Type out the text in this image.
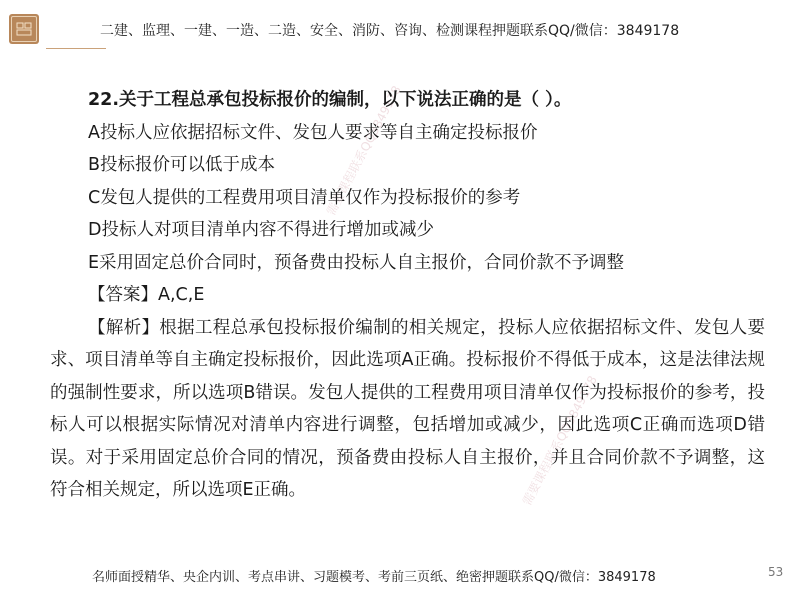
二建、监理、一建、一造、二造、安全、消防、咨询、检测课程押题联系QQ/微信：3849178
需要课程联系QQ3849178
需要课程联系QQ3849178
22.关于工程总承包投标报价的编制，以下说法正确的是（ ）。
A投标人应依据招标文件、发包人要求等自主确定投标报价
B投标报价可以低于成本
C发包人提供的工程费用项目清单仅作为投标报价的参考
D投标人对项目清单内容不得进行增加或减少
E采用固定总价合同时，预备费由投标人自主报价，合同价款不予调整
【答案】A,C,E

【解析】根据工程总承包投标报价编制的相关规定，投标人应依据招标文件、发包人要求、项目清单等自主确定投标报价，因此选项A正确。投标报价不得低于成本，这是法律法规的强制性要求，所以选项B错误。发包人提供的工程费用项目清单仅作为投标报价的参考，投标人可以根据实际情况对清单内容进行调整，包括增加或减少，因此选项C正确而选项D错误。对于采用固定总价合同的情况，预备费由投标人自主报价，并且合同价款不予调整，这符合相关规定，所以选项E正确。

名师面授精华、央企内训、考点串讲、习题模考、考前三页纸、绝密押题联系QQ/微信：3849178	53
